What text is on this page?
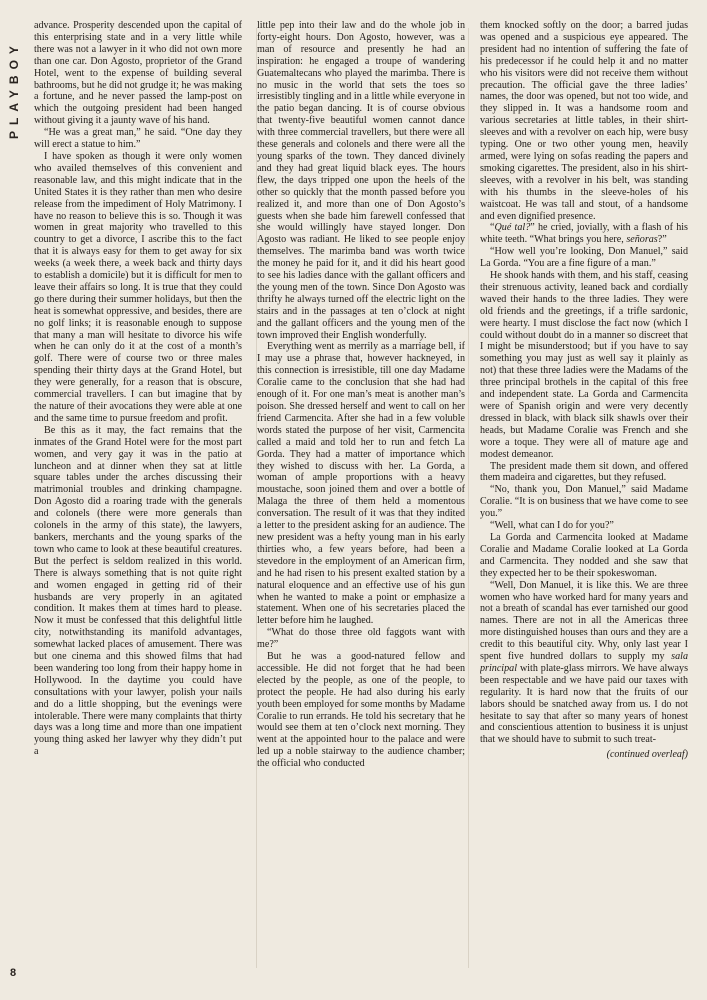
PLAYBOY
8

advance. Prosperity descended upon the capital of this enterprising state and in a very little while there was not a lawyer in it who did not own more than one car. Don Agosto, proprietor of the Grand Hotel, went to the expense of building several bathrooms, but he did not grudge it; he was making a fortune, and he never passed the lamp-post on which the outgoing president had been hanged without giving it a jaunty wave of his hand.

“He was a great man,” he said. “One day they will erect a statue to him.”

I have spoken as though it were only women who availed themselves of this convenient and reasonable law, and this might indicate that in the United States it is they rather than men who desire release from the impediment of Holy Matrimony. I have no reason to believe this is so. Though it was women in great majority who travelled to this country to get a divorce, I ascribe this to the fact that it is always easy for them to get away for six weeks (a week there, a week back and thirty days to establish a domicile) but it is difficult for men to leave their affairs so long. It is true that they could go there during their summer holidays, but then the heat is somewhat oppressive, and besides, there are no golf links; it is reasonable enough to suppose that many a man will hesitate to divorce his wife when he can only do it at the cost of a month’s golf. There were of course two or three males spending their thirty days at the Grand Hotel, but they were generally, for a reason that is obscure, commercial travellers. I can but imagine that by the nature of their avocations they were able at one and the same time to pursue freedom and profit.

Be this as it may, the fact remains that the inmates of the Grand Hotel were for the most part women, and very gay it was in the patio at luncheon and at dinner when they sat at little square tables under the arches discussing their matrimonial troubles and drinking champagne. Don Agosto did a roaring trade with the generals and colonels (there were more generals than colonels in the army of this state), the lawyers, bankers, merchants and the young sparks of the town who came to look at these beautiful creatures. But the perfect is seldom realized in this world. There is always something that is not quite right and women engaged in getting rid of their husbands are very properly in an agitated condition. It makes them at times hard to please. Now it must be confessed that this delightful little city, notwithstanding its manifold advantages, somewhat lacked places of amusement. There was but one cinema and this showed films that had been wandering too long from their happy home in Hollywood. In the daytime you could have consultations with your lawyer, polish your nails and do a little shopping, but the evenings were intolerable. There were many complaints that thirty days was a long time and more than one impatient young thing asked her lawyer why they didn’t put a

little pep into their law and do the whole job in forty-eight hours. Don Agosto, however, was a man of resource and presently he had an inspiration: he engaged a troupe of wandering Guatemaltecans who played the marimba. There is no music in the world that sets the toes so irresistibly tingling and in a little while everyone in the patio began dancing. It is of course obvious that twenty-five beautiful women cannot dance with three commercial travellers, but there were all these generals and colonels and there were all the young sparks of the town. They danced divinely and they had great liquid black eyes. The hours flew, the days tripped one upon the heels of the other so quickly that the month passed before you realized it, and more than one of Don Agosto’s guests when she bade him farewell confessed that she would willingly have stayed longer. Don Agosto was radiant. He liked to see people enjoy themselves. The marimba band was worth twice the money he paid for it, and it did his heart good to see his ladies dance with the gallant officers and the young men of the town. Since Don Agosto was thrifty he always turned off the electric light on the stairs and in the passages at ten o’clock at night and the gallant officers and the young men of the town improved their English wonderfully.

Everything went as merrily as a marriage bell, if I may use a phrase that, however hackneyed, in this connection is irresistible, till one day Madame Coralie came to the conclusion that she had had enough of it. For one man’s meat is another man’s poison. She dressed herself and went to call on her friend Carmencita. After she had in a few voluble words stated the purpose of her visit, Carmencita called a maid and told her to run and fetch La Gorda. They had a matter of importance which they wished to discuss with her. La Gorda, a woman of ample proportions with a heavy moustache, soon joined them and over a bottle of Malaga the three of them held a momentous conversation. The result of it was that they indited a letter to the president asking for an audience. The new president was a hefty young man in his early thirties who, a few years before, had been a stevedore in the employment of an American firm, and he had risen to his present exalted station by a natural eloquence and an effective use of his gun when he wanted to make a point or emphasize a statement. When one of his secretaries placed the letter before him he laughed.

“What do those three old faggots want with me?”

But he was a good-natured fellow and accessible. He did not forget that he had been elected by the people, as one of the people, to protect the people. He had also during his early youth been employed for some months by Madame Coralie to run errands. He told his secretary that he would see them at ten o’clock next morning. They went at the appointed hour to the palace and were led up a noble stairway to the audience chamber; the official who conducted

them knocked softly on the door; a barred judas was opened and a suspicious eye appeared. The president had no intention of suffering the fate of his predecessor if he could help it and no matter who his visitors were did not receive them without precaution. The official gave the three ladies’ names, the door was opened, but not too wide, and they slipped in. It was a handsome room and various secretaries at little tables, in their shirt-sleeves and with a revolver on each hip, were busy typing. One or two other young men, heavily armed, were lying on sofas reading the papers and smoking cigarettes. The president, also in his shirt-sleeves, with a revolver in his belt, was standing with his thumbs in the sleeve-holes of his waistcoat. He was tall and stout, of a handsome and even dignified presence.

“Qué tal?” he cried, jovially, with a flash of his white teeth. “What brings you here, señoras?”

“How well you’re looking, Don Manuel,” said La Gorda. “You are a fine figure of a man.”

He shook hands with them, and his staff, ceasing their strenuous activity, leaned back and cordially waved their hands to the three ladies. They were old friends and the greetings, if a trifle sardonic, were hearty. I must disclose the fact now (which I could without doubt do in a manner so discreet that I might be misunderstood; but if you have to say something you may just as well say it plainly as not) that these three ladies were the Madams of the three principal brothels in the capital of this free and independent state. La Gorda and Carmencita were of Spanish origin and were very decently dressed in black, with black silk shawls over their heads, but Madame Coralie was French and she wore a toque. They were all of mature age and modest demeanor.

The president made them sit down, and offered them madeira and cigarettes, but they refused.

“No, thank you, Don Manuel,” said Madame Coralie. “It is on business that we have come to see you.”

“Well, what can I do for you?”

La Gorda and Carmencita looked at Madame Coralie and Madame Coralie looked at La Gorda and Carmencita. They nodded and she saw that they expected her to be their spokeswoman.

“Well, Don Manuel, it is like this. We are three women who have worked hard for many years and not a breath of scandal has ever tarnished our good names. There are not in all the Americas three more distinguished houses than ours and they are a credit to this beautiful city. Why, only last year I spent five hundred dollars to supply my sala principal with plate-glass mirrors. We have always been respectable and we have paid our taxes with regularity. It is hard now that the fruits of our labors should be snatched away from us. I do not hesitate to say that after so many years of honest and conscientious attention to business it is unjust that we should have to submit to such treat-

(continued overleaf)
